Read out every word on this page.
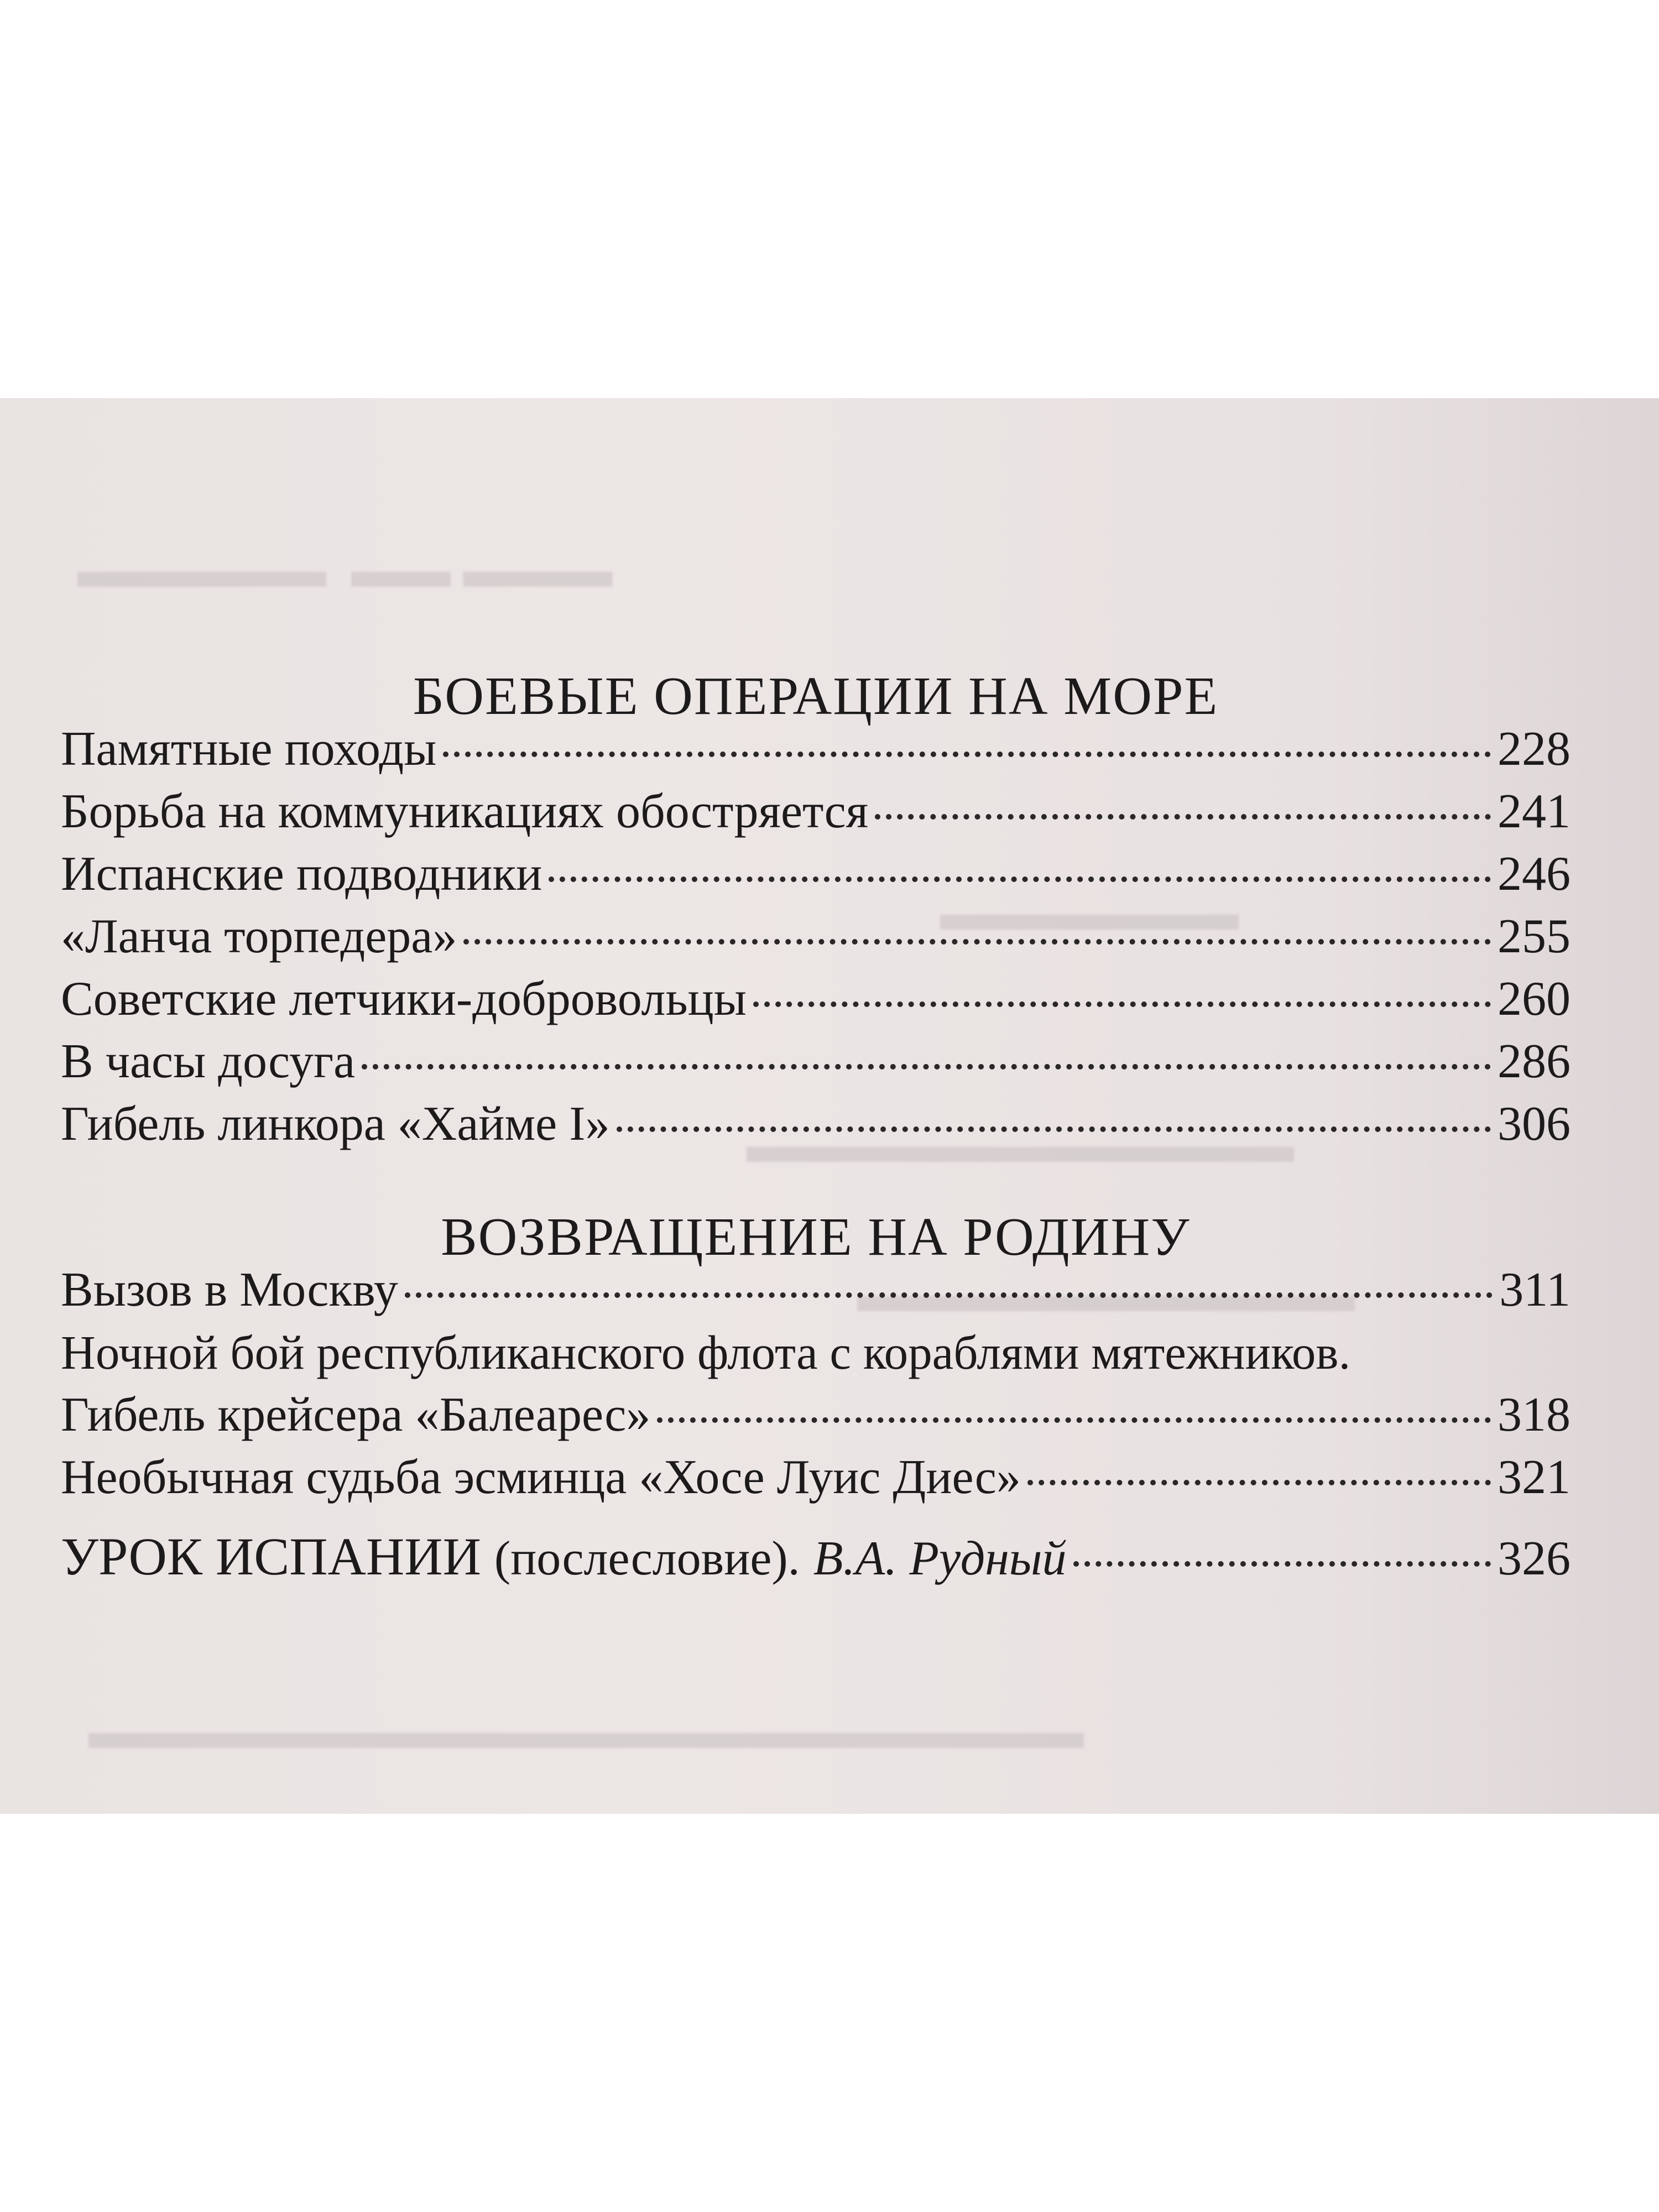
▬▬▬▬▬  ▬▬ ▬▬▬
▬▬▬▬▬▬
▬▬▬▬▬▬▬▬▬▬▬
▬▬▬▬▬▬▬▬▬▬
▬▬▬▬▬▬▬▬▬▬▬▬▬▬▬▬▬▬▬▬
БОЕВЫЕ ОПЕРАЦИИ НА МОРЕ
Памятные походы	228
Борьба на коммуникациях обостряется	241
Испанские подводники	246
«Ланча торпедера»	255
Советские летчики-добровольцы	260
В часы досуга	286
Гибель линкора «Хайме I»	306
ВОЗВРАЩЕНИЕ НА РОДИНУ
Вызов в Москву	311
Ночной бой республиканского флота с кораблями мятежников.
Гибель крейсера «Балеарес»	318
Необычная судьба эсминца «Хосе Луис Диес»	321
УРОК ИСПАНИИ (послесловие). В.А. Рудный	326
